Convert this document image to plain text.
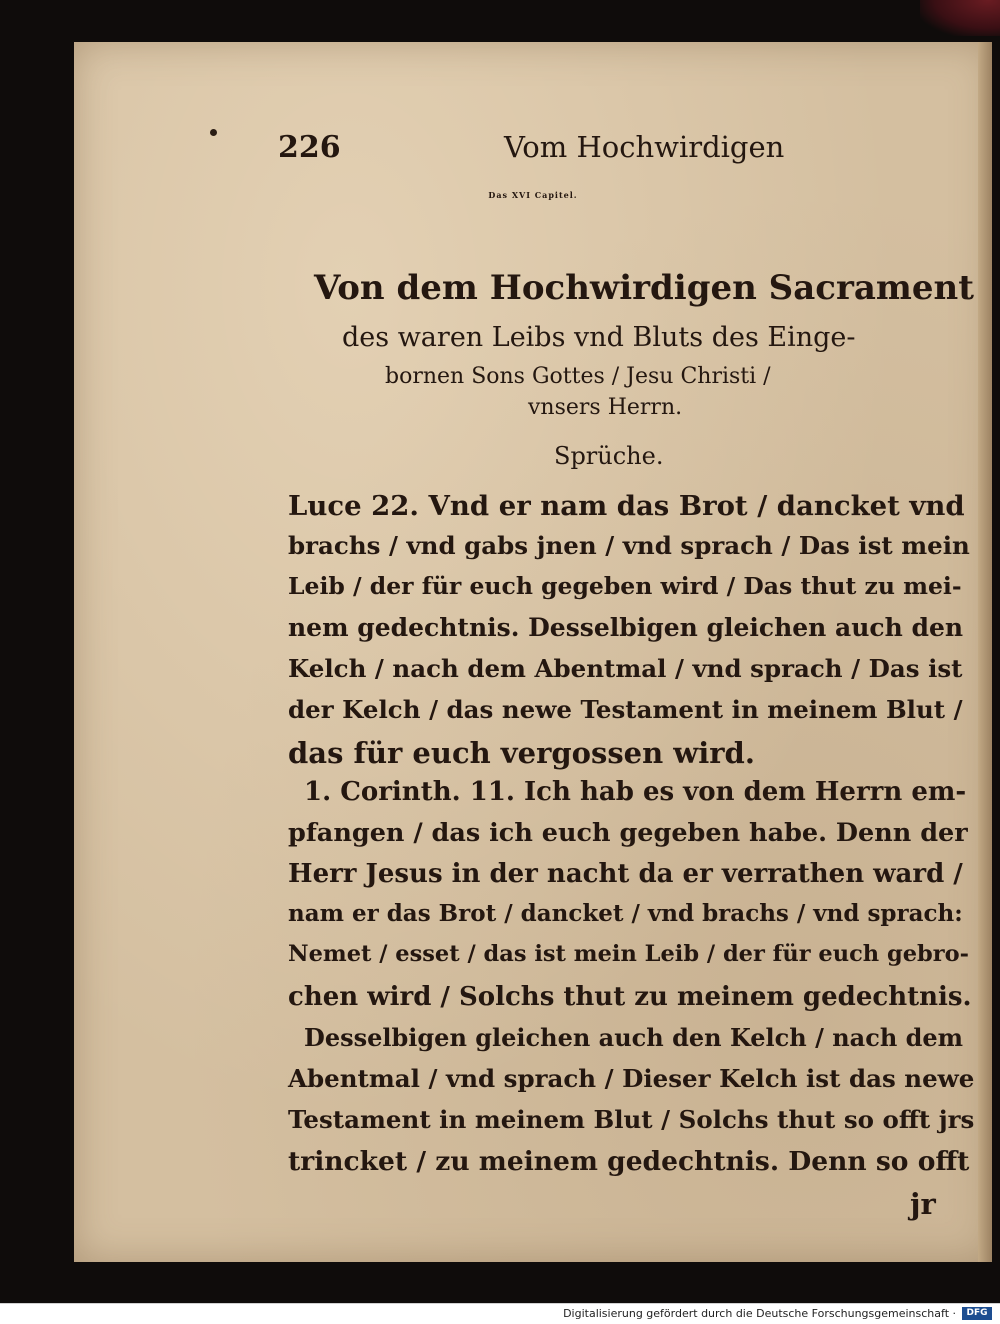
226	Vom Hochwirdigen
Das XVI Capitel.
Von dem Hochwirdigen Sacrament
des waren Leibs vnd Bluts des Einge-
bornen Sons Gottes / Jesu Christi /
vnsers Herrn.
Sprüche.
Luce 22. Vnd er nam das Brot / dancket vnd
brachs / vnd gabs jnen / vnd sprach / Das ist mein
Leib / der für euch gegeben wird / Das thut zu mei-
nem gedechtnis. Desselbigen gleichen auch den
Kelch / nach dem Abentmal / vnd sprach / Das ist
der Kelch / das newe Testament in meinem Blut /
das für euch vergossen wird.
1. Corinth. 11. Ich hab es von dem Herrn em-
pfangen / das ich euch gegeben habe. Denn der
Herr Jesus in der nacht da er verrathen ward /
nam er das Brot / dancket / vnd brachs / vnd sprach:
Nemet / esset / das ist mein Leib / der für euch gebro-
chen wird / Solchs thut zu meinem gedechtnis.
Desselbigen gleichen auch den Kelch / nach dem
Abentmal / vnd sprach / Dieser Kelch ist das newe
Testament in meinem Blut / Solchs thut so offt jrs
trincket / zu meinem gedechtnis. Denn so offt
jr
Digitalisierung gefördert durch die Deutsche Forschungsgemeinschaft ·	DFG
